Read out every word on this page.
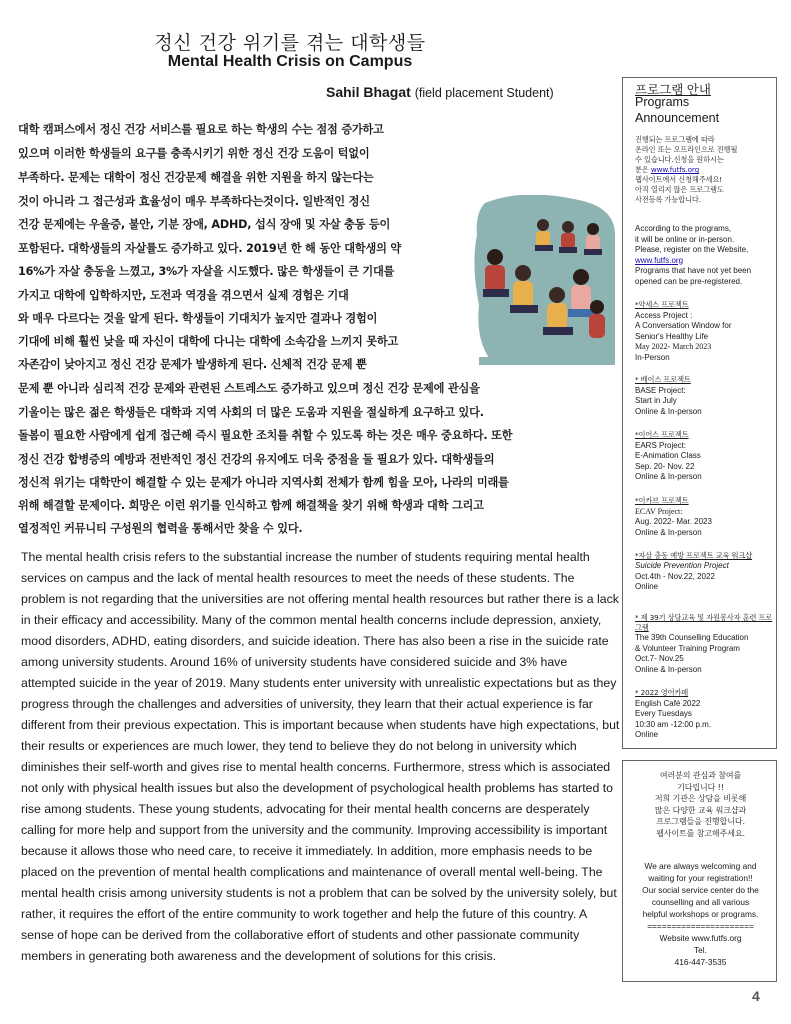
정신 건강 위기를 겪는 대학생들
Mental Health Crisis on Campus
Sahil Bhagat (field placement Student)
대학 캠퍼스에서 정신 건강 서비스를 필요로 하는 학생의 수는 점점 증가하고
있으며 이러한 학생들의 요구를 충족시키기 위한 정신 건강 도움이 턱없이
부족하다. 문제는 대학이 정신 건강문제 해결을 위한 지원을 하지 않는다는
것이 아니라 그 접근성과 효율성이 매우 부족하다는것이다. 일반적인 정신
건강 문제에는 우울증, 불안, 기분 장애, ADHD, 섭식 장애 및 자살 충동 등이
포함된다. 대학생들의 자살률도 증가하고 있다. 2019년 한 해 동안 대학생의 약
16%가 자살 충동을 느꼈고, 3%가 자살을 시도했다. 많은 학생들이 큰 기대를
가지고 대학에 입학하지만, 도전과 역경을 겪으면서 실제 경험은 기대
와 매우 다르다는 것을 알게 된다. 학생들이 기대치가 높지만 결과나 경험이
기대에 비해 훨씬 낮을 때 자신이 대학에 다니는 대학에 소속감을 느끼지 못하고
자존감이 낮아지고 정신 건강 문제가 발생하게 된다. 신체적 건강 문제 뿐
문제 뿐 아니라 심리적 건강 문제와 관련된 스트레스도 증가하고 있으며 정신 건강 문제에 관심을
기울이는 많은 젊은 학생들은 대학과 지역 사회의 더 많은 도움과 지원을 절실하게 요구하고 있다.
돌봄이 필요한 사람에게 쉽게 접근해 즉시 필요한 조치를 취할 수 있도록 하는 것은 매우 중요하다. 또한
정신 건강 합병증의 예방과 전반적인 정신 건강의 유지에도 더욱 중점을 둘 필요가 있다. 대학생들의
정신적 위기는 대학만이 해결할 수 있는 문제가 아니라 지역사회 전체가 함께 힘을 모아, 나라의 미래를
위해 해결할 문제이다. 희망은 이런 위기를 인식하고 함께 해결책을 찾기 위해 학생과 대학 그리고
열정적인 커뮤니티 구성원의 협력을 통해서만 찾을 수 있다.

The mental health crisis refers to the substantial increase the number of students requiring mental health services on campus and the lack of mental health resources to meet the needs of these students. The problem is not regarding that the universities are not offering mental health resources but rather there is a lack in their efficacy and accessibility. Many of the common mental health concerns include depression, anxiety, mood disorders, ADHD, eating disorders, and suicide ideation. There has also been a rise in the suicide rate among university students. Around 16% of university students have considered suicide and 3% have attempted suicide in the year of 2019. Many students enter university with unrealistic expectations but as they progress through the challenges and adversities of university, they learn that their actual experience is far different from their previous expectation. This is important because when students have high expectations, but their results or experiences are much lower, they tend to believe they do not belong in university which diminishes their self-worth and gives rise to mental health concerns. Furthermore, stress which is associated not only with physical health issues but also the development of psychological health problems has started to rise among students. These young students, advocating for their mental health concerns are desperately calling for more help and support from the university and the community. Improving accessibility is important because it allows those who need care, to receive it immediately. In addition, more emphasis needs to be placed on the prevention of mental health complications and maintenance of overall mental well-being. The mental health crisis among university students is not a problem that can be solved by the university solely, but rather, it requires the effort of the entire community to work together and help the future of this country. A sense of hope can be derived from the collaborative effort of students and other passionate community members in generating both awareness and the development of solutions for this crisis.

프로그램 안내
Programs
Announcement
진행되는 프로그램에 따라
온라인 또는 오프라인으로 진행될
수 있습니다.신청을 원하시는
분은 www.futfs.org
웹사이트에서 신청해주세요!
아직 열리지 않은 프로그램도
사전등록 가능합니다.
According to the programs,
it will be online or in-person.
Please, register on the Website,
www.futfs.org
Programs that have not yet been
opened can be pre-registered.
*약세스 프로젝트
Access Project :
A Conversation Window for
Senior's Healthy Life
May 2022- March 2023
In-Person
* 베이스 프로젝트
BASE Project:
Start in July
Online & In-person
*이어스 프로젝트
EARS Project:
E-Animation Class
Sep. 20- Nov. 22
Online & In-person
*이카브 프로젝트
ECAV Project:
Aug. 2022- Mar. 2023
Online & In-person
*자살 충동 예방 프로젝트 교육 워크샵
Suicide Prevention Project
Oct.4th - Nov.22, 2022
Online
* 제 39기 상담교육 및 자원봉사자 훈련 프로그램
The 39th Counselling Education
& Volunteer Training Program
Oct.7- Nov.25
Online & In-person
* 2022 영어카페
English Café 2022
Every Tuesdays
10:30 am -12:00 p.m.
Online
여러분의 관심과 참여를
기다립니다 !!
저희 기관은 상담을 비롯해
많은 다양한 교육 워크샵과
프로그램들을 진행합니다.
웹사이트를 참고해주세요.
We are always welcoming and
waiting for your registration!!
Our social service center do the
counselling and all various
helpful workshops or programs.
======================
Website www.futfs.org
Tel.
416-447-3535
4
